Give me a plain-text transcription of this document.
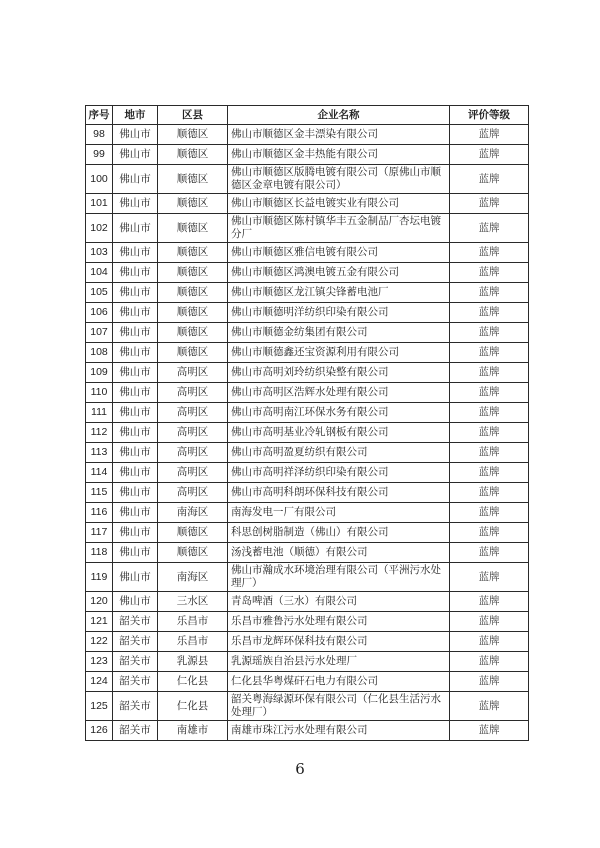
序号	地市	区县	企业名称	评价等级
98	佛山市	顺德区	佛山市顺德区金丰漂染有限公司	蓝牌
99	佛山市	顺德区	佛山市顺德区金丰热能有限公司	蓝牌
100	佛山市	顺德区	佛山市顺德区版腾电镀有限公司（原佛山市顺德区金章电镀有限公司）	蓝牌
101	佛山市	顺德区	佛山市顺德区长益电镀实业有限公司	蓝牌
102	佛山市	顺德区	佛山市顺德区陈村镇华丰五金制品厂杏坛电镀分厂	蓝牌
103	佛山市	顺德区	佛山市顺德区雅信电镀有限公司	蓝牌
104	佛山市	顺德区	佛山市顺德区鸿澳电镀五金有限公司	蓝牌
105	佛山市	顺德区	佛山市顺德区龙江镇尖锋蓄电池厂	蓝牌
106	佛山市	顺德区	佛山市顺德明洋纺织印染有限公司	蓝牌
107	佛山市	顺德区	佛山市顺德金纺集团有限公司	蓝牌
108	佛山市	顺德区	佛山市顺德鑫还宝资源利用有限公司	蓝牌
109	佛山市	高明区	佛山市高明刘玲纺织染整有限公司	蓝牌
110	佛山市	高明区	佛山市高明区浩辉水处理有限公司	蓝牌
111	佛山市	高明区	佛山市高明南江环保水务有限公司	蓝牌
112	佛山市	高明区	佛山市高明基业冷轧钢板有限公司	蓝牌
113	佛山市	高明区	佛山市高明盈夏纺织有限公司	蓝牌
114	佛山市	高明区	佛山市高明祥泽纺织印染有限公司	蓝牌
115	佛山市	高明区	佛山市高明科朗环保科技有限公司	蓝牌
116	佛山市	南海区	南海发电一厂有限公司	蓝牌
117	佛山市	顺德区	科思创树脂制造（佛山）有限公司	蓝牌
118	佛山市	顺德区	汤浅蓄电池（顺德）有限公司	蓝牌
119	佛山市	南海区	佛山市瀚成水环境治理有限公司（平洲污水处理厂）	蓝牌
120	佛山市	三水区	青岛啤酒（三水）有限公司	蓝牌
121	韶关市	乐昌市	乐昌市雅鲁污水处理有限公司	蓝牌
122	韶关市	乐昌市	乐昌市龙辉环保科技有限公司	蓝牌
123	韶关市	乳源县	乳源瑶族自治县污水处理厂	蓝牌
124	韶关市	仁化县	仁化县华粤煤矸石电力有限公司	蓝牌
125	韶关市	仁化县	韶关粤海绿源环保有限公司（仁化县生活污水处理厂）	蓝牌
126	韶关市	南雄市	南雄市珠江污水处理有限公司	蓝牌
6
